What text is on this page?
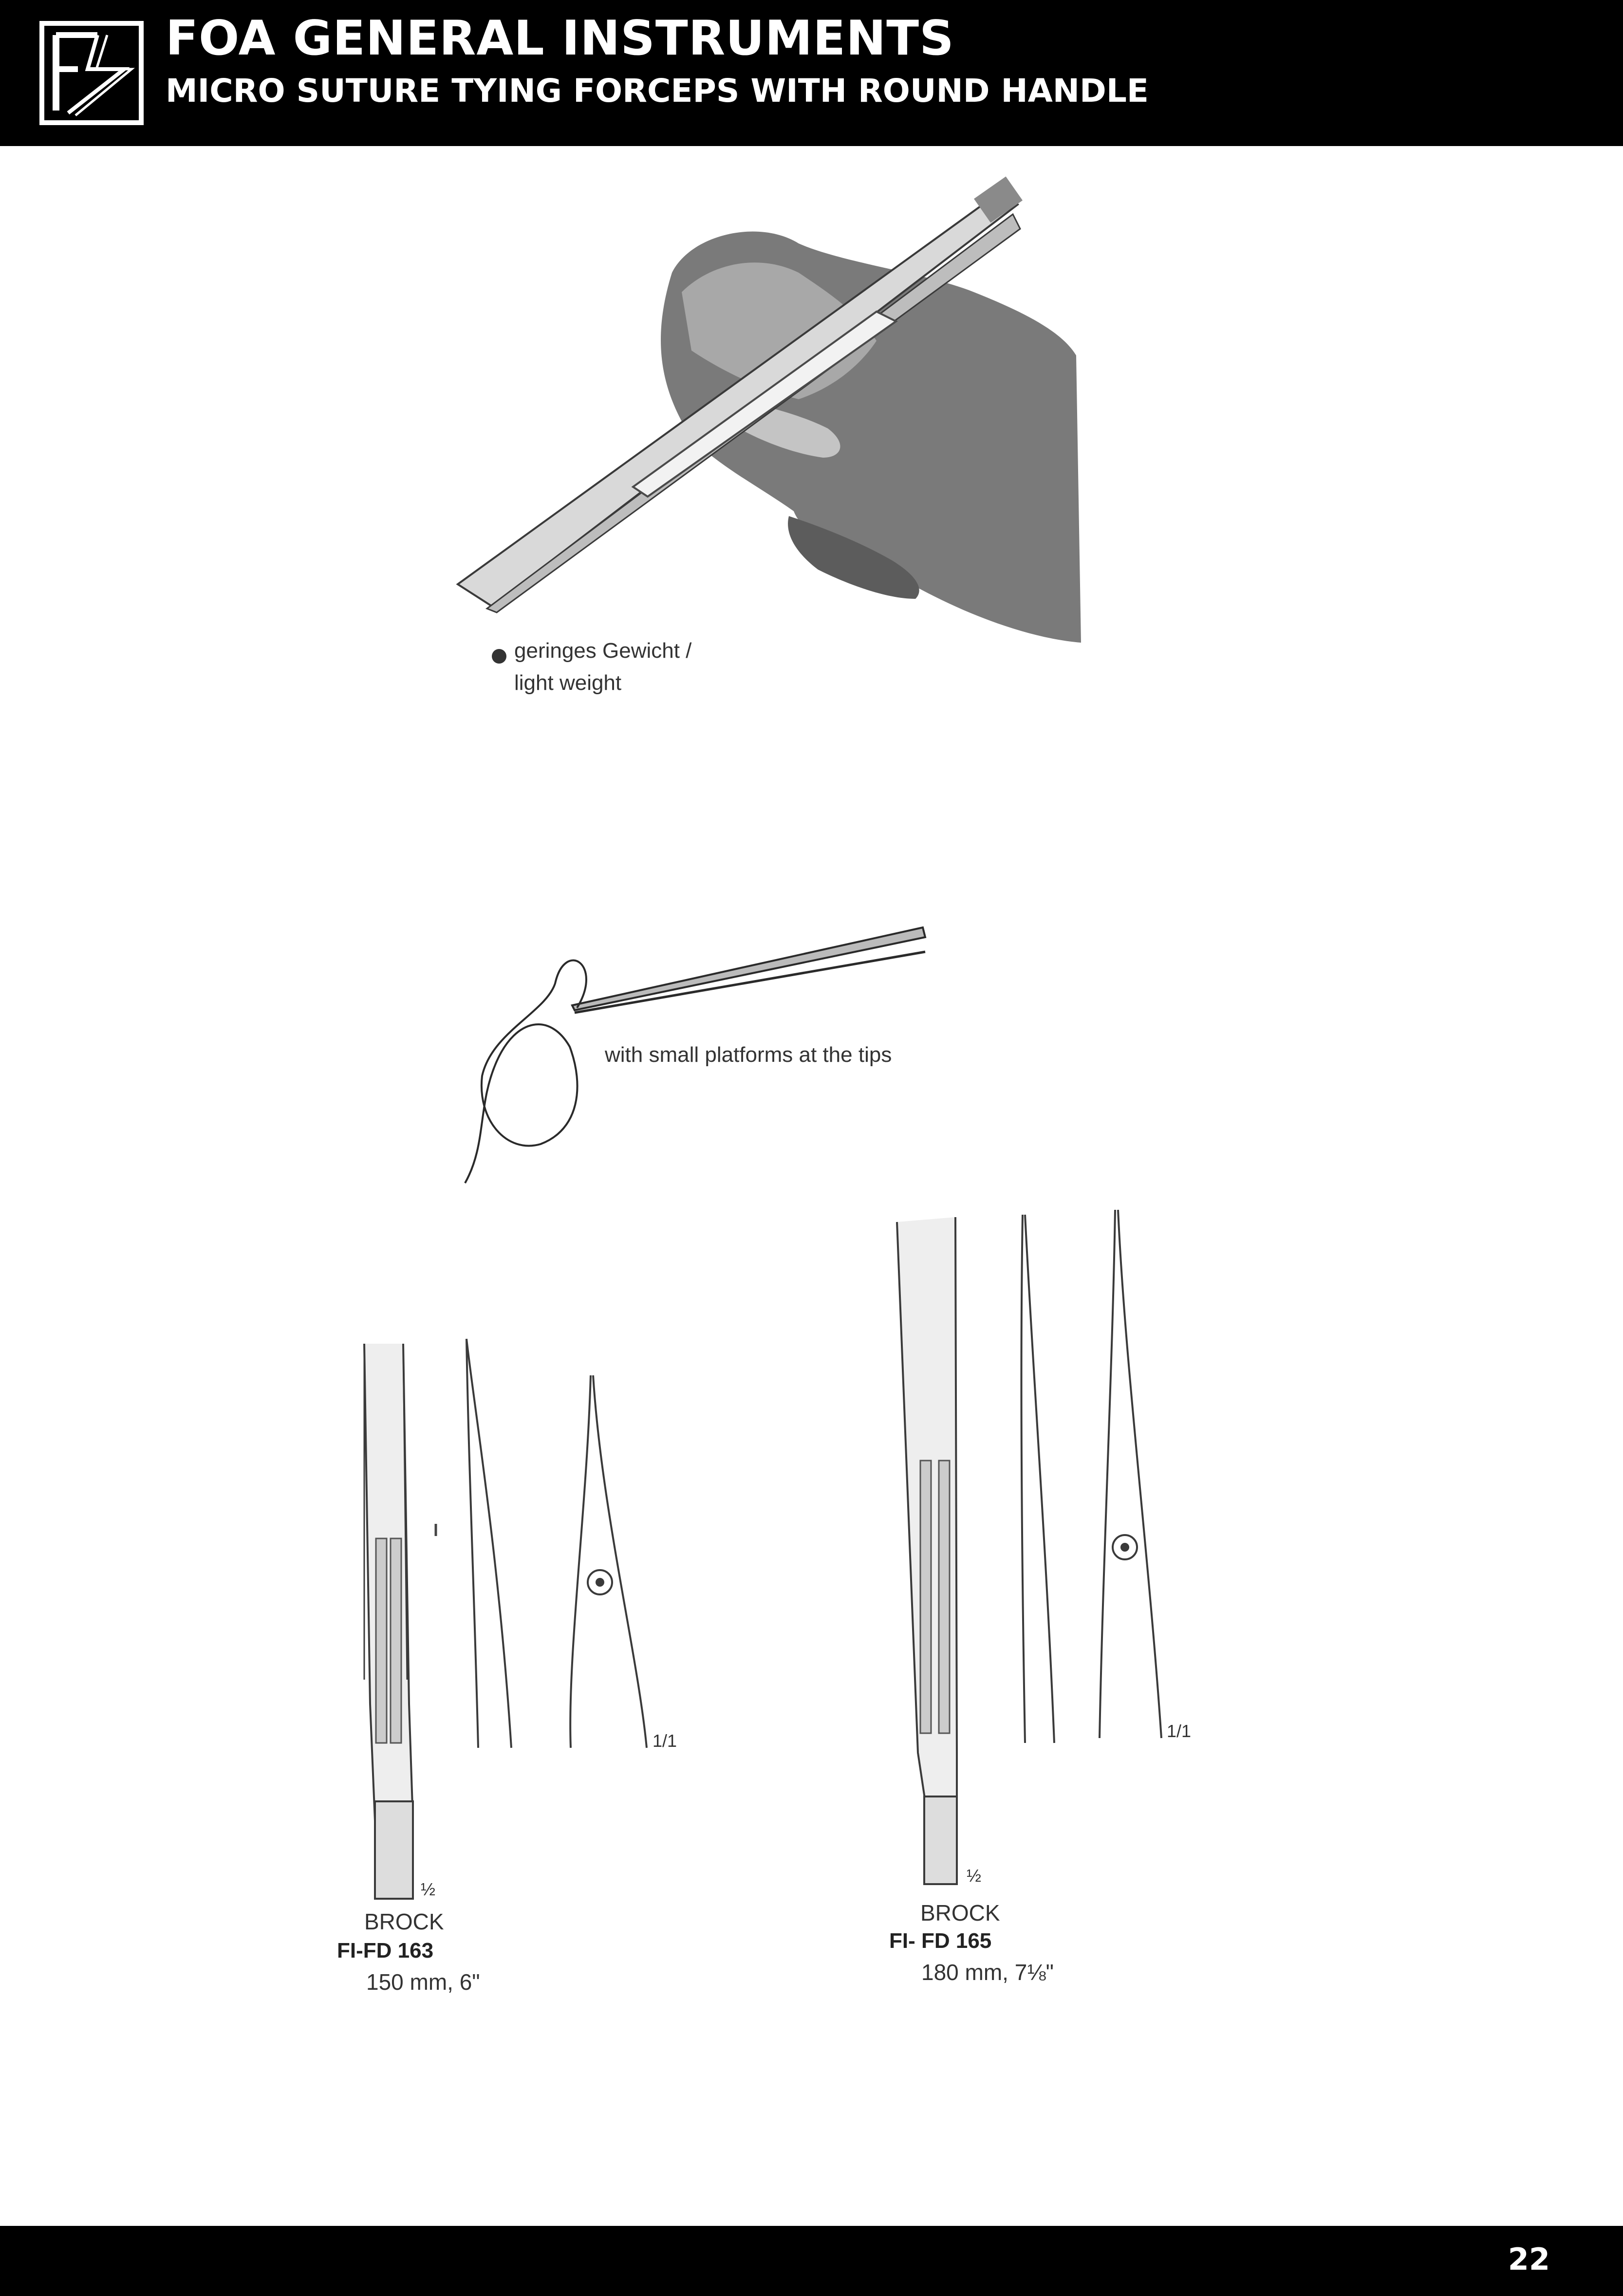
FOA GENERAL INSTRUMENTS
MICRO SUTURE TYING FORCEPS WITH ROUND HANDLE
geringes Gewicht /
light weight
with small platforms at the tips
½
1/1
BROCK
FI-FD 163
150 mm, 6"
½
1/1
BROCK
FI- FD 165
180 mm, 7⅛"
22
